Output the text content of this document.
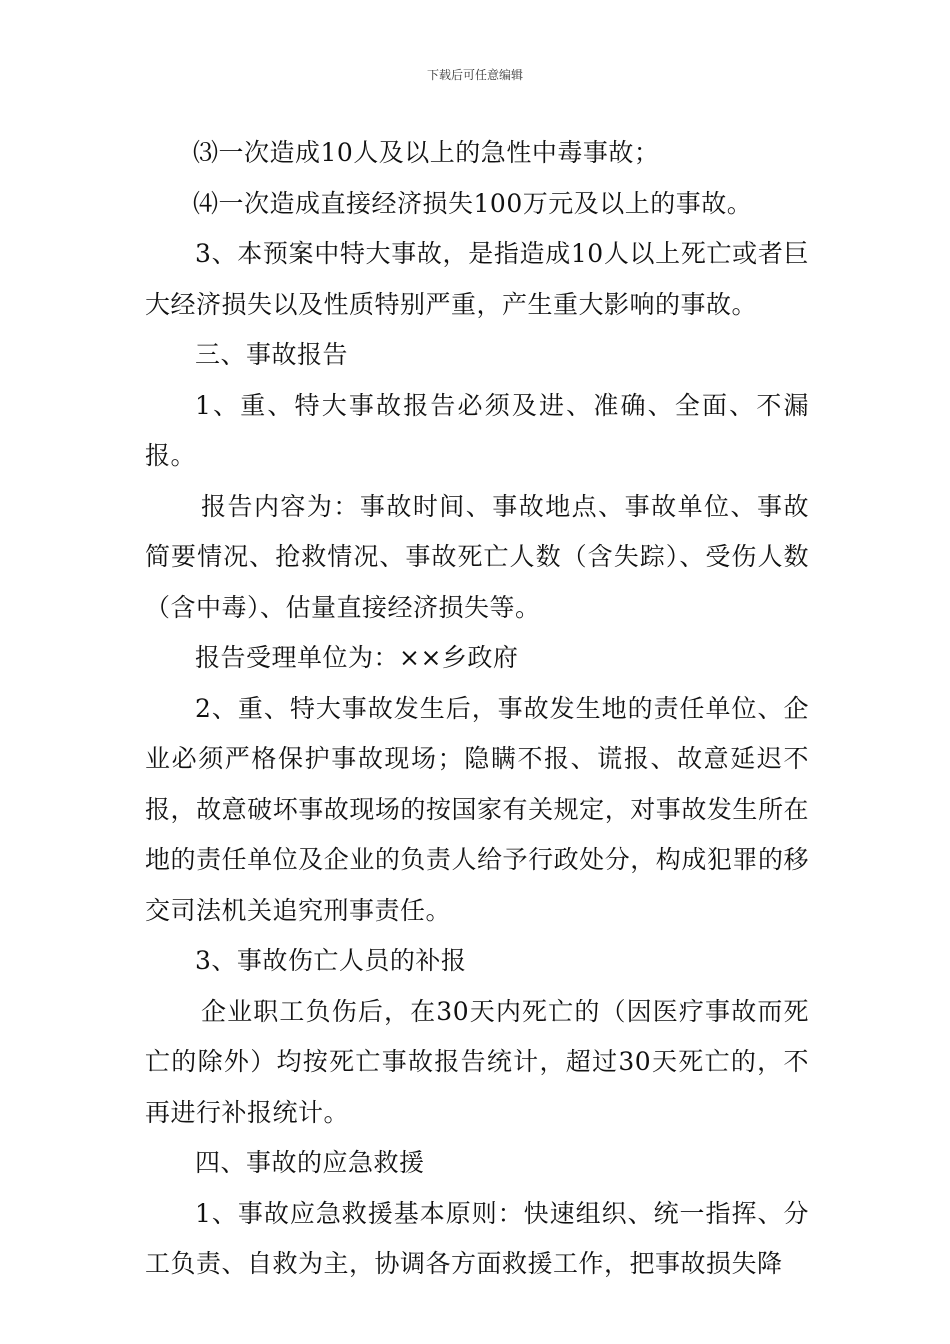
下载后可任意编辑

⑶一次造成10人及以上的急性中毒事故；

⑷一次造成直接经济损失100万元及以上的事故。

3、本预案中特大事故，是指造成10人以上死亡或者巨大经济损失以及性质特别严重，产生重大影响的事故。

三、事故报告

1、重、特大事故报告必须及进、准确、全面、不漏报。

报告内容为：事故时间、事故地点、事故单位、事故简要情况、抢救情况、事故死亡人数（含失踪）、受伤人数（含中毒）、估量直接经济损失等。

报告受理单位为：××乡政府

2、重、特大事故发生后，事故发生地的责任单位、企业必须严格保护事故现场；隐瞒不报、谎报、故意延迟不报，故意破坏事故现场的按国家有关规定，对事故发生所在地的责任单位及企业的负责人给予行政处分，构成犯罪的移交司法机关追究刑事责任。

3、事故伤亡人员的补报

企业职工负伤后，在30天内死亡的（因医疗事故而死亡的除外）均按死亡事故报告统计，超过30天死亡的，不再进行补报统计。

四、事故的应急救援

1、事故应急救援基本原则：快速组织、统一指挥、分工负责、自救为主，协调各方面救援工作，把事故损失降
